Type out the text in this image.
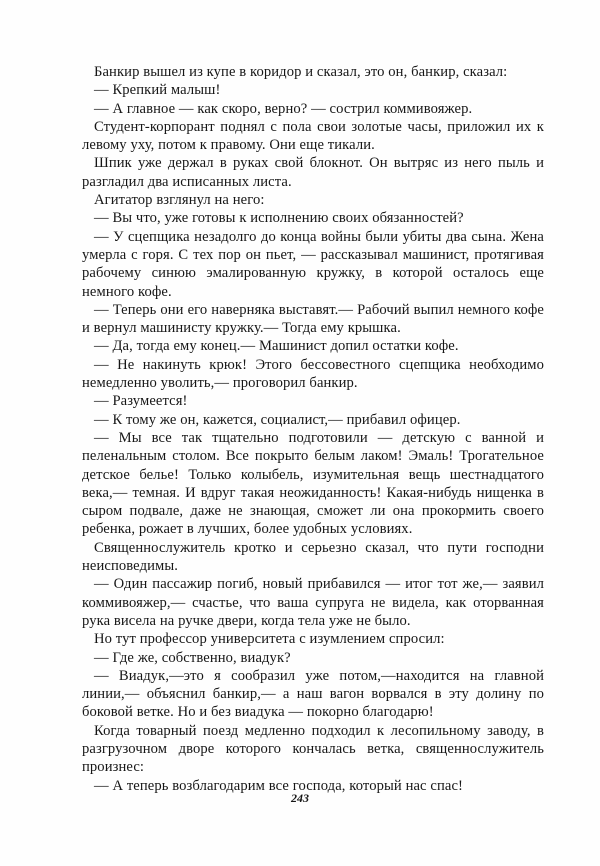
Банкир вышел из купе в коридор и сказал, это он, банкир, сказал:

— Крепкий малыш!

— А главное — как скоро, верно? — сострил коммивояжер.

Студент-корпорант поднял с пола свои золотые часы, приложил их к левому уху, потом к правому. Они еще тикали.

Шпик уже держал в руках свой блокнот. Он вытряс из него пыль и разгладил два исписанных листа.

Агитатор взглянул на него:

— Вы что, уже готовы к исполнению своих обязанностей?

— У сцепщика незадолго до конца войны были убиты два сына. Жена умерла с горя. С тех пор он пьет, — рассказывал машинист, протягивая рабочему синюю эмалированную кружку, в которой осталось еще немного кофе.

— Теперь они его наверняка выставят.— Рабочий выпил немного кофе и вернул машинисту кружку.— Тогда ему крышка.

— Да, тогда ему конец.— Машинист допил остатки кофе.

— Не накинуть крюк! Этого бессовестного сцепщика необходимо немедленно уволить,— проговорил банкир.

— Разумеется!

— К тому же он, кажется, социалист,— прибавил офицер.

— Мы все так тщательно подготовили — детскую с ванной и пеленальным столом. Все покрыто белым лаком! Эмаль! Трогательное детское белье! Только колыбель, изумительная вещь шестнадцатого века,— темная. И вдруг такая неожиданность! Какая-нибудь нищенка в сыром подвале, даже не знающая, сможет ли она прокормить своего ребенка, рожает в лучших, более удобных условиях.

Священнослужитель кротко и серьезно сказал, что пути господни неисповедимы.

— Один пассажир погиб, новый прибавился — итог тот же,— заявил коммивояжер,— счастье, что ваша супруга не видела, как оторванная рука висела на ручке двери, когда тела уже не было.

Но тут профессор университета с изумлением спросил:

— Где же, собственно, виадук?

— Виадук,—это я сообразил уже потом,—находится на главной линии,— объяснил банкир,— а наш вагон ворвался в эту долину по боковой ветке. Но и без виадука — покорно благодарю!

Когда товарный поезд медленно подходил к лесопильному заводу, в разгрузочном дворе которого кончалась ветка, священнослужитель произнес:

— А теперь возблагодарим все господа, который нас спас!

243
